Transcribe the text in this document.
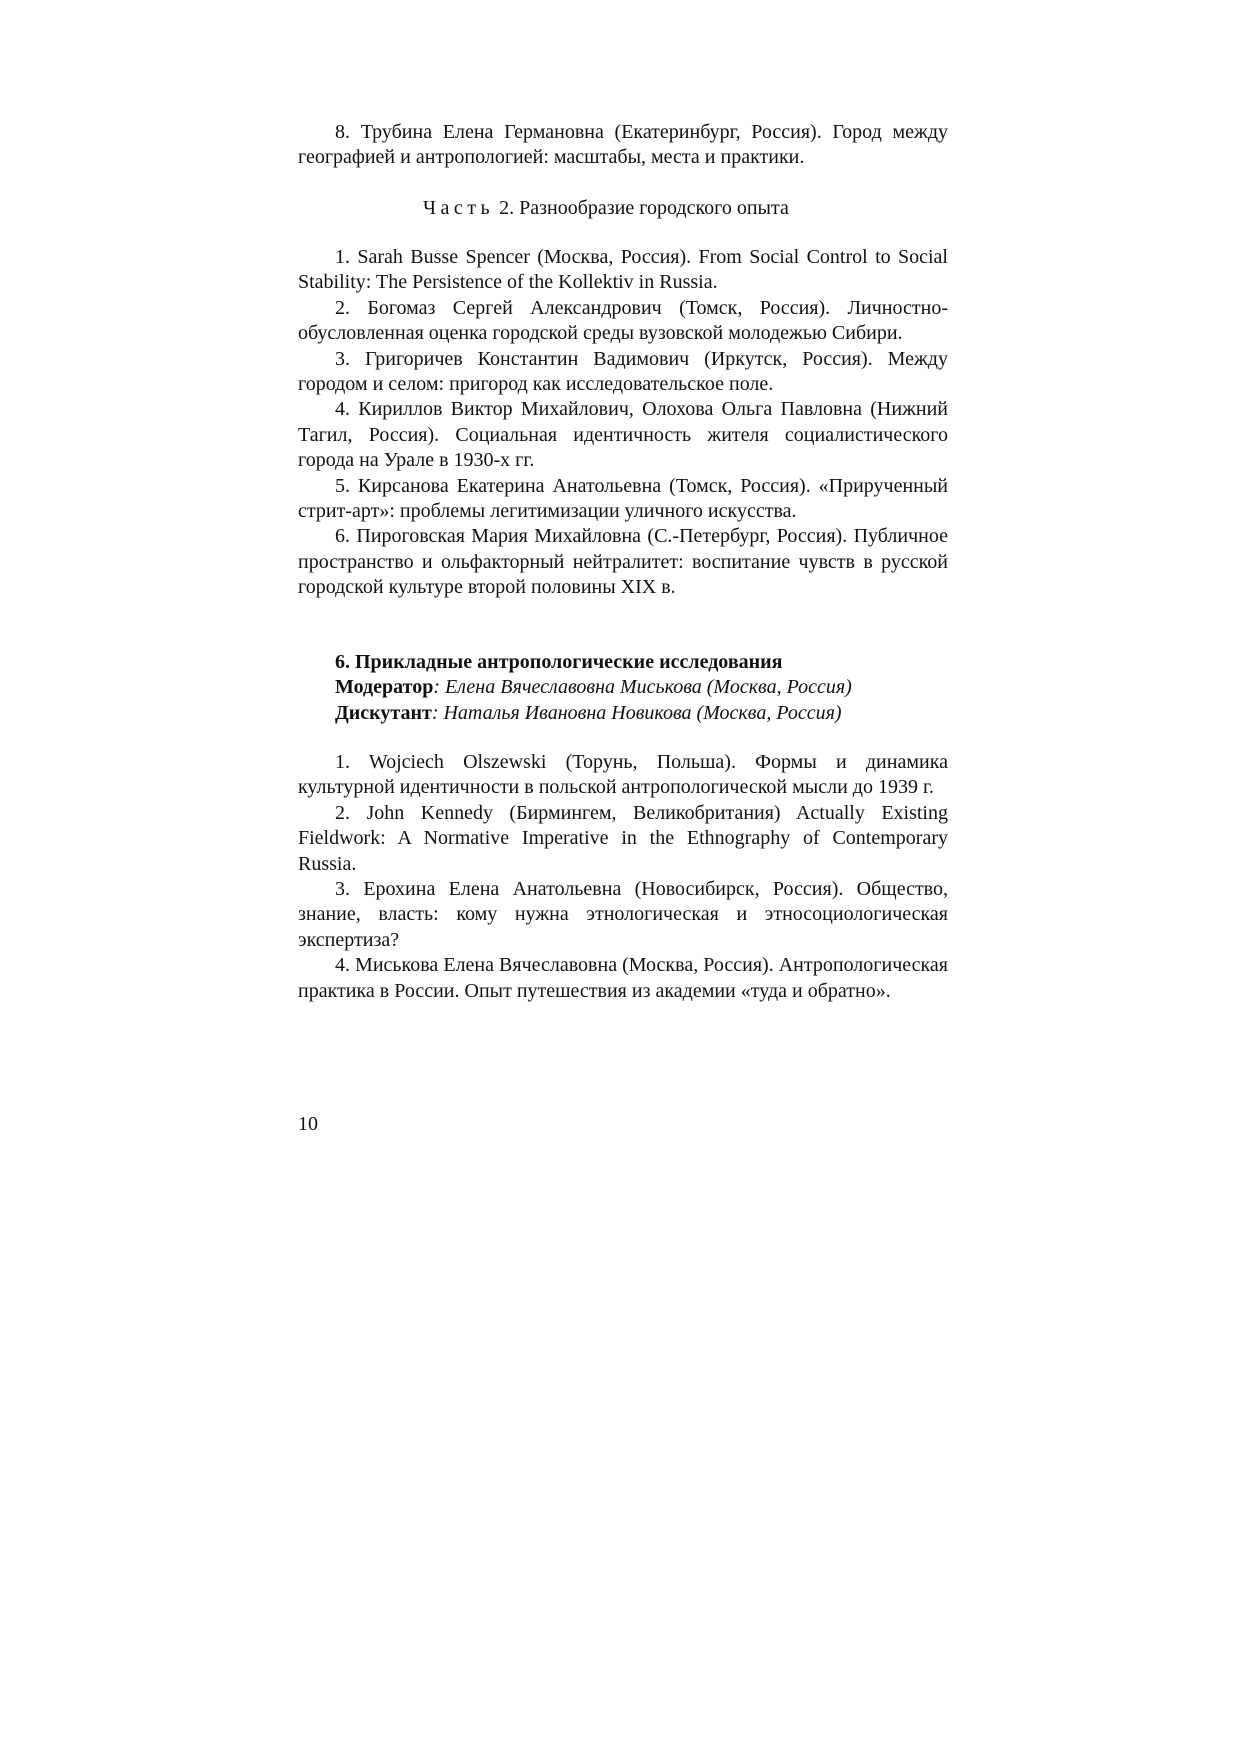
8. Трубина Елена Германовна (Екатеринбург, Россия). Город между географией и антропологией: масштабы, места и практики.

Часть 2. Разнообразие городского опыта

1. Sarah Busse Spencer (Москва, Россия). From Social Control to Social Stability: The Persistence of the Kollektiv in Russia.

2. Богомаз Сергей Александрович (Томск, Россия). Личностно-обусловленная оценка городской среды вузовской молодежью Сибири.

3. Григоричев Константин Вадимович (Иркутск, Россия). Между городом и селом: пригород как исследовательское поле.

4. Кириллов Виктор Михайлович, Олохова Ольга Павловна (Нижний Тагил, Россия). Социальная идентичность жителя социалистического города на Урале в 1930-х гг.

5. Кирсанова Екатерина Анатольевна (Томск, Россия). «Прирученный стрит-арт»: проблемы легитимизации уличного искусства.

6. Пироговская Мария Михайловна (С.-Петербург, Россия). Публичное пространство и ольфакторный нейтралитет: воспитание чувств в русской городской культуре второй половины XIX в.

6. Прикладные антропологические исследования
Модератор: Елена Вячеславовна Миськова (Москва, Россия)
Дискутант: Наталья Ивановна Новикова (Москва, Россия)

1. Wojciech Olszewski (Торунь, Польша). Формы и динамика культурной идентичности в польской антропологической мысли до 1939 г.

2. John Kennedy (Бирмингем, Великобритания) Actually Existing Fieldwork: A Normative Imperative in the Ethnography of Contemporary Russia.

3. Ерохина Елена Анатольевна (Новосибирск, Россия). Общество, знание, власть: кому нужна этнологическая и этносоциологическая экспертиза?

4. Миськова Елена Вячеславовна (Москва, Россия). Антропологическая практика в России. Опыт путешествия из академии «туда и обратно».

10
